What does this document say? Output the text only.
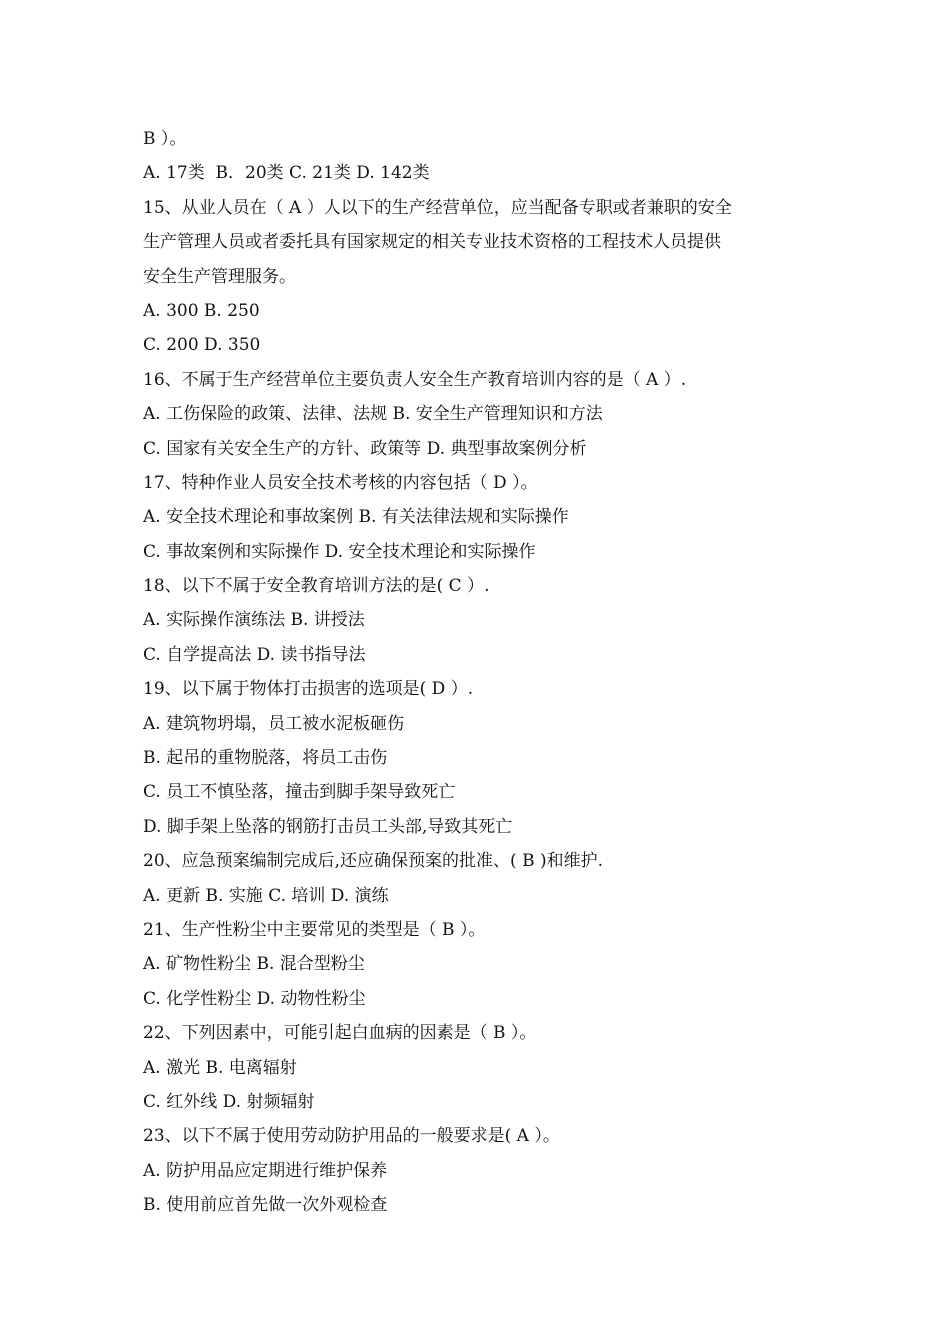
B ）。
A. 17类  B．20类 C. 21类 D. 142类
15、从业人员在（ A ）人以下的生产经营单位，应当配备专职或者兼职的安全
生产管理人员或者委托具有国家规定的相关专业技术资格的工程技术人员提供
安全生产管理服务。
A. 300 B. 250
C. 200 D. 350
16、不属于生产经营单位主要负责人安全生产教育培训内容的是（ A ）.
A. 工伤保险的政策、法律、法规 B. 安全生产管理知识和方法
C. 国家有关安全生产的方针、政策等 D. 典型事故案例分析
17、特种作业人员安全技术考核的内容包括（ D ）。
A. 安全技术理论和事故案例 B. 有关法律法规和实际操作
C. 事故案例和实际操作 D. 安全技术理论和实际操作
18、以下不属于安全教育培训方法的是( C ）.
A. 实际操作演练法 B. 讲授法
C. 自学提高法 D. 读书指导法
19、以下属于物体打击损害的选项是( D ）.
A. 建筑物坍塌，员工被水泥板砸伤
B. 起吊的重物脱落，将员工击伤
C. 员工不慎坠落，撞击到脚手架导致死亡
D. 脚手架上坠落的钢筋打击员工头部,导致其死亡
20、应急预案编制完成后,还应确保预案的批准、( B )和维护.
A. 更新 B. 实施 C. 培训 D. 演练
21、生产性粉尘中主要常见的类型是（ B ）。
A. 矿物性粉尘 B. 混合型粉尘
C. 化学性粉尘 D. 动物性粉尘
22、下列因素中，可能引起白血病的因素是（ B ）。
A. 激光 B. 电离辐射
C. 红外线 D. 射频辐射
23、以下不属于使用劳动防护用品的一般要求是( A ）。
A. 防护用品应定期进行维护保养
B. 使用前应首先做一次外观检查
